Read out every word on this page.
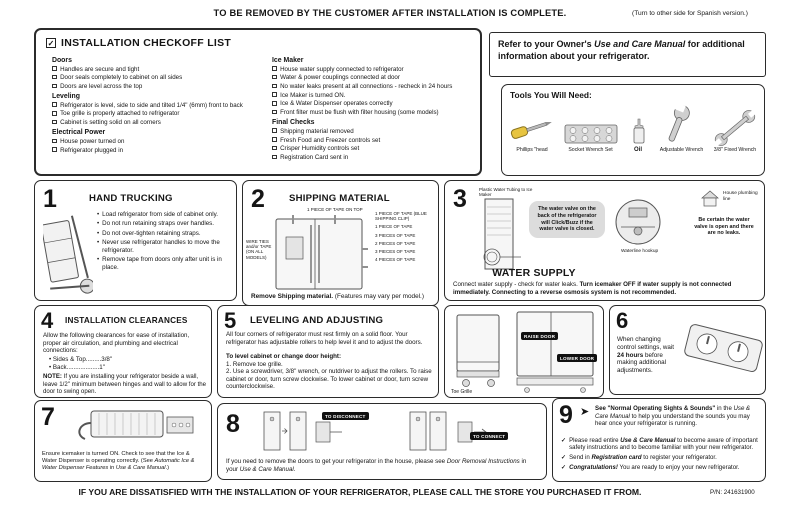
TO BE REMOVED BY THE CUSTOMER AFTER INSTALLATION IS COMPLETE.	(Turn to other side for Spanish version.)
✓ INSTALLATION CHECKOFF LIST
Doors
Handles are secure and tight
Door seals completely to cabinet on all sides
Doors are level across the top
Leveling
Refrigerator is level, side to side and tilted 1/4" (6mm) front to back
Toe grille is properly attached to refrigerator
Cabinet is setting solid on all corners
Electrical Power
House power turned on
Refrigerator plugged in
Ice Maker
House water supply connected to refrigerator
Water & power couplings connected at door
No water leaks present at all connections - recheck in 24 hours
Ice Maker is turned ON.
Ice & Water Dispenser operates correctly
Front filter must be flush with filter housing (some models)
Final Checks
Shipping material removed
Fresh Food and Freezer controls set
Crisper Humidity controls set
Registration Card sent in
Refer to your Owner's Use and Care Manual for additional information about your refrigerator.
Tools You Will Need:
Phillips "head	Socket Wrench Set	Oil	Adjustable Wrench 3/8" Fixed Wrench
1	HAND TRUCKING
• Load refrigerator from side of cabinet only.
• Do not run retaining straps over handles.
• Do not over-tighten retaining straps.
• Never use refrigerator handles to move the refrigerator.
• Remove tape from doors only after unit is in place.
2	SHIPPING MATERIAL
1 PIECE OF TAPE ON TOP
WIRE TIES and/or TAPE (ON ALL MODELS)
1 PIECE OF TAPE (BLUE SHIPPING CLIP)
1 PIECE OF TAPE
3 PIECES OF TAPE
2 PIECES OF TAPE
3 PIECES OF TAPE
4 PIECES OF TAPE
Remove Shipping material. (Features may vary per model.)
3	Plastic Water Tubing to Ice Maker
The water valve on the back of the refrigerator will Click/Buzz if the water valve is closed.
House plumbing line
Waterline hookup
Be certain the water valve is open and there are no leaks.
WATER SUPPLY
Connect water supply - check for water leaks. Turn icemaker OFF if water supply is not connected immediately. Connecting to a reverse osmosis system is not recommended.
4 INSTALLATION CLEARANCES
Allow the following clearances for ease of installation, proper air circulation, and plumbing and electrical connections:
• Sides & Top.........3/8"
• Back...................1"
NOTE: If you are installing your refrigerator beside a wall, leave 1/2" minimum between hinges and wall to allow for the door to swing open.
5 LEVELING AND ADJUSTING
All four corners of refrigerator must rest firmly on a solid floor. Your refrigerator has adjustable rollers to help level it and to adjust the doors.
To level cabinet or change door height:
1. Remove toe grille.
2. Use a screwdriver, 3/8" wrench, or nutdriver to adjust the rollers. To raise cabinet or door, turn screw clockwise. To lower cabinet or door, turn screw counterclockwise.
Toe Grille
RAISE DOOR
LOWER DOOR
6
When changing control settings, wait 24 hours before making additional adjustments.
7
Ensure icemaker is turned ON. Check to see that the Ice & Water Dispenser is operating correctly. (See Automatic Ice & Water Dispenser Features in Use & Care Manual.)
8	TO DISCONNECT
TO CONNECT
If you need to remove the doors to get your refrigerator in the house, please see Door Removal Instructions in your Use & Care Manual.
9 ➤ See "Normal Operating Sights & Sounds" in the Use & Care Manual to help you understand the sounds you may hear once your refrigerator is running.
✓ Please read entire Use & Care Manual to become aware of important safety instructions and to become familiar with your new refrigerator.
✓ Send in Registration card to register your refrigerator.
✓ Congratulations! You are ready to enjoy your new refrigerator.
IF YOU ARE DISSATISFIED WITH THE INSTALLATION OF YOUR REFRIGERATOR, PLEASE CALL THE STORE YOU PURCHASED IT FROM.	P/N: 241631900
